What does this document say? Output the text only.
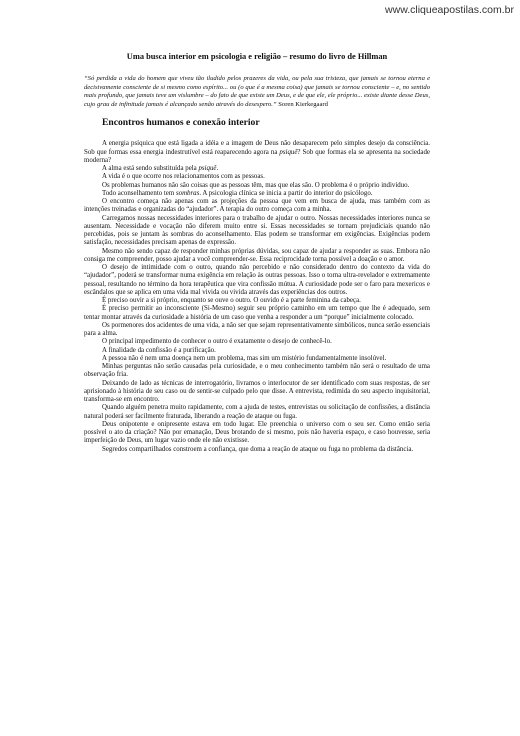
www.cliqueapostilas.com.br
Uma busca interior em psicologia e religião – resumo do livro de Hillman

“Só perdida a vida do homem que viveu tão iludido pelos prazeres da vida, ou pela sua tristeza, que jamais se tornou eterna e decisivamente consciente de si mesmo como espírito... ou (o que é a mesma coisa) que jamais se tornou consciente – e, no sentido mais profundo, que jamais teve um vislumbre – do fato de que existe um Deus, e de que ele, ele próprio... existe diante desse Deus, cujo grau de infinitude jamais é alcançado senão através do desespero.” Soren Kierkegaard

Encontros humanos e conexão interior

A energia psíquica que está ligada a idéia e a imagem de Deus não desaparecem pelo simples desejo da consciência. Sob que formas essa energia indestrutível está reaparecendo agora na psiquê? Sob que formas ela se apresenta na sociedade moderna?

A alma está sendo substituída pela psiquê.

A vida é o que ocorre nos relacionamentos com as pessoas.

Os problemas humanos não são coisas que as pessoas têm, mas que elas são. O problema é o próprio indivíduo.

Todo aconselhamento tem sombras. A psicologia clínica se inicia a partir do interior do psicólogo.

O encontro começa não apenas com as projeções da pessoa que vem em busca de ajuda, mas também com as intenções treinadas e organizadas do “ajudador”. A terapia do outro começa com a minha.

Carregamos nossas necessidades interiores para o trabalho de ajudar o outro. Nossas necessidades interiores nunca se ausentam. Necessidade e vocação não diferem muito entre si. Essas necessidades se tornam prejudiciais quando não percebidas, pois se juntam às sombras do aconselhamento. Elas podem se transformar em exigências. Exigências podem satisfação, necessidades precisam apenas de expressão.

Mesmo não sendo capaz de responder minhas próprias dúvidas, sou capaz de ajudar a responder as suas. Embora não consiga me compreender, posso ajudar a você compreender-se. Essa reciprocidade torna possível a doação e o amor.

O desejo de intimidade com o outro, quando não percebido e não considerado dentro do contexto da vida do “ajudador”, poderá se transformar numa exigência em relação às outras pessoas. Isso o torna ultra-revelador e extremamente pessoal, resultando no término da hora terapêutica que vira confissão mútua. A curiosidade pode ser o faro para mexericos e escândalos que se aplica em uma vida mal vivida ou vivida através das experiências dos outros.

É preciso ouvir a si próprio, enquanto se ouve o outro. O ouvido é a parte feminina da cabeça.

É preciso permitir ao inconsciente (Si-Mesmo) seguir seu próprio caminho em um tempo que lhe é adequado, sem tentar montar através da curiosidade a história de um caso que venha a responder a um “porque” inicialmente colocado.

Os pormenores dos acidentes de uma vida, a não ser que sejam representativamente simbólicos, nunca serão essenciais para a alma.

O principal impedimento de conhecer o outro é exatamente o desejo de conhecê-lo.

A finalidade da confissão é a purificação.

A pessoa não é nem uma doença nem um problema, mas sim um mistério fundamentalmente insolúvel.

Minhas perguntas não serão causadas pela curiosidade, e o meu conhecimento também não será o resultado de uma observação fria.

Deixando de lado as técnicas de interrogatório, livramos o interlocutor de ser identificado com suas respostas, de ser aprisionado à história de seu caso ou de sentir-se culpado pelo que disse. A entrevista, redimida do seu aspecto inquisitorial, transforma-se em encontro.

Quando alguém penetra muito rapidamente, com a ajuda de testes, entrevistas ou solicitação de confissões, a distância natural poderá ser facilmente fraturada, liberando a reação de ataque ou fuga.

Deus onipotente e onipresente estava em todo lugar. Ele preenchia o universo com o seu ser. Como então seria possível o ato da criação? Não por emanação, Deus brotando de si mesmo, pois não haveria espaço, e caso houvesse, seria imperfeição de Deus, um lugar vazio onde ele não existisse.

Segredos compartilhados constroem a confiança, que doma a reação de ataque ou fuga no problema da distância.
